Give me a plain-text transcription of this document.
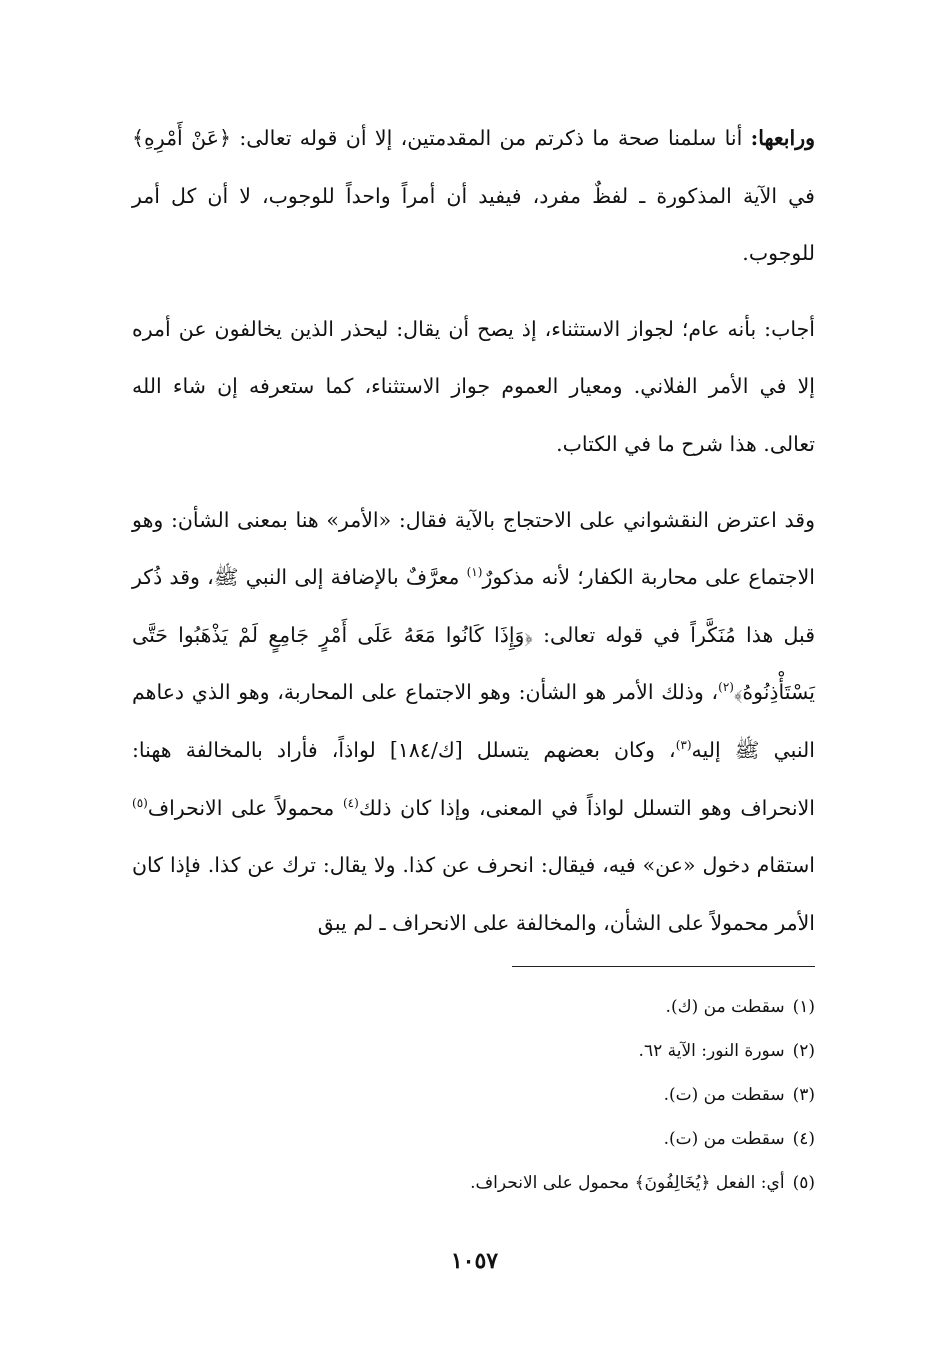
ورابعها: أنا سلمنا صحة ما ذكرتم من المقدمتين، إلا أن قوله تعالى: ﴿عَنْ أَمْرِهِ﴾ في الآية المذكورة ـ لفظٌ مفرد، فيفيد أن أمراً واحداً للوجوب، لا أن كل أمر للوجوب.

أجاب: بأنه عام؛ لجواز الاستثناء، إذ يصح أن يقال: ليحذر الذين يخالفون عن أمره إلا في الأمر الفلاني. ومعيار العموم جواز الاستثناء، كما ستعرفه إن شاء الله تعالى. هذا شرح ما في الكتاب.

وقد اعترض النقشواني على الاحتجاج بالآية فقال: «الأمر» هنا بمعنى الشأن: وهو الاجتماع على محاربة الكفار؛ لأنه مذكورٌ$^{(١)}$ معرَّفٌ بالإضافة إلى النبي ﷺ، وقد ذُكر قبل هذا مُنَكَّراً في قوله تعالى: ﴿وَإِذَا كَانُوا مَعَهُ عَلَى أَمْرٍ جَامِعٍ لَمْ يَذْهَبُوا حَتَّى يَسْتَأْذِنُوهُ﴾$^{(٢)}$، وذلك الأمر هو الشأن: وهو الاجتماع على المحاربة، وهو الذي دعاهم النبي ﷺ إليه$^{(٣)}$، وكان بعضهم يتسلل [ك/١٨٤] لواذاً، فأراد بالمخالفة ههنا: الانحراف وهو التسلل لواذاً في المعنى، وإذا كان ذلك$^{(٤)}$ محمولاً على الانحراف$^{(٥)}$ استقام دخول «عن» فيه، فيقال: انحرف عن كذا. ولا يقال: ترك عن كذا. فإذا كان الأمر محمولاً على الشأن، والمخالفة على الانحراف ـ لم يبق

(١)سقطت من (ك).
(٢)سورة النور: الآية ٦٢.
(٣)سقطت من (ت).
(٤)سقطت من (ت).
(٥)أي: الفعل ﴿يُخَالِفُونَ﴾ محمول على الانحراف.
١٠٥٧
